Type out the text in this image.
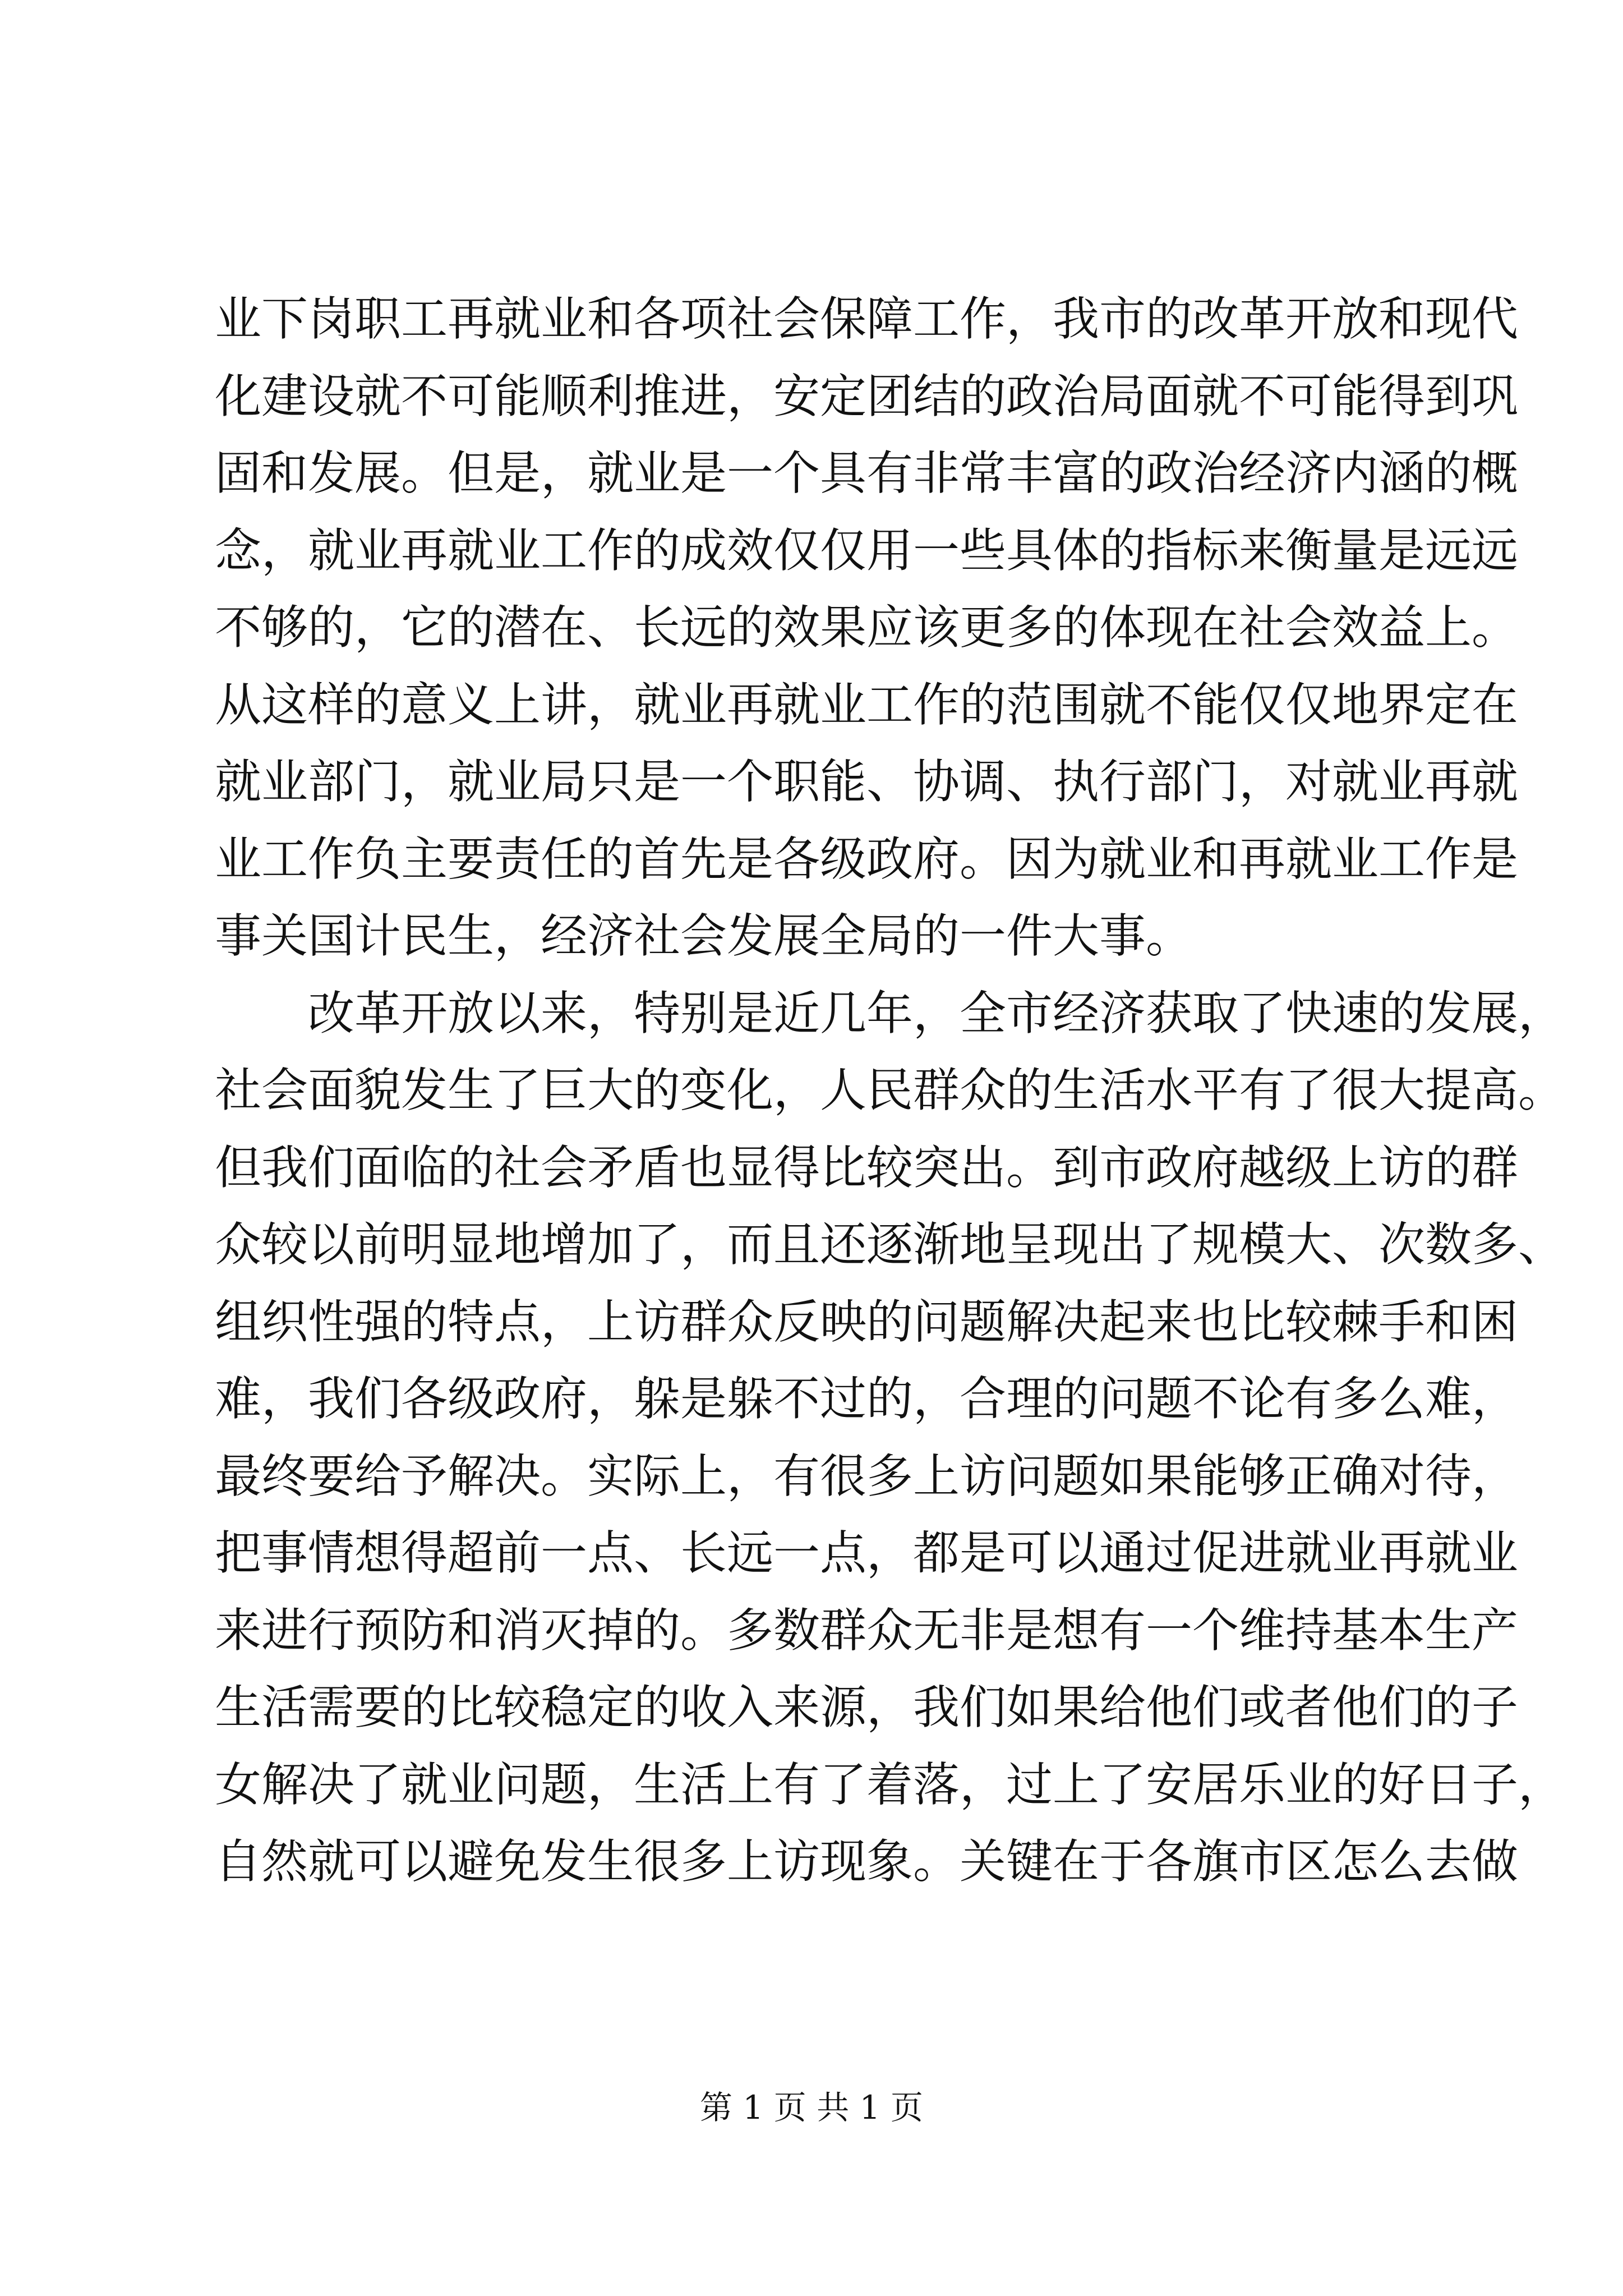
业下岗职工再就业和各项社会保障工作，我市的改革开放和现代
化建设就不可能顺利推进，安定团结的政治局面就不可能得到巩
固和发展。但是，就业是一个具有非常丰富的政治经济内涵的概
念，就业再就业工作的成效仅仅用一些具体的指标来衡量是远远
不够的，它的潜在、长远的效果应该更多的体现在社会效益上。
从这样的意义上讲，就业再就业工作的范围就不能仅仅地界定在
就业部门，就业局只是一个职能、协调、执行部门，对就业再就
业工作负主要责任的首先是各级政府。因为就业和再就业工作是
事关国计民生，经济社会发展全局的一件大事。
改革开放以来，特别是近几年，全市经济获取了快速的发展，
社会面貌发生了巨大的变化，人民群众的生活水平有了很大提高。
但我们面临的社会矛盾也显得比较突出。到市政府越级上访的群
众较以前明显地增加了，而且还逐渐地呈现出了规模大、次数多、
组织性强的特点，上访群众反映的问题解决起来也比较棘手和困
难，我们各级政府，躲是躲不过的，合理的问题不论有多么难，
最终要给予解决。实际上，有很多上访问题如果能够正确对待，
把事情想得超前一点、长远一点，都是可以通过促进就业再就业
来进行预防和消灭掉的。多数群众无非是想有一个维持基本生产
生活需要的比较稳定的收入来源，我们如果给他们或者他们的子
女解决了就业问题，生活上有了着落，过上了安居乐业的好日子，
自然就可以避免发生很多上访现象。关键在于各旗市区怎么去做
第 1 页 共 1 页
